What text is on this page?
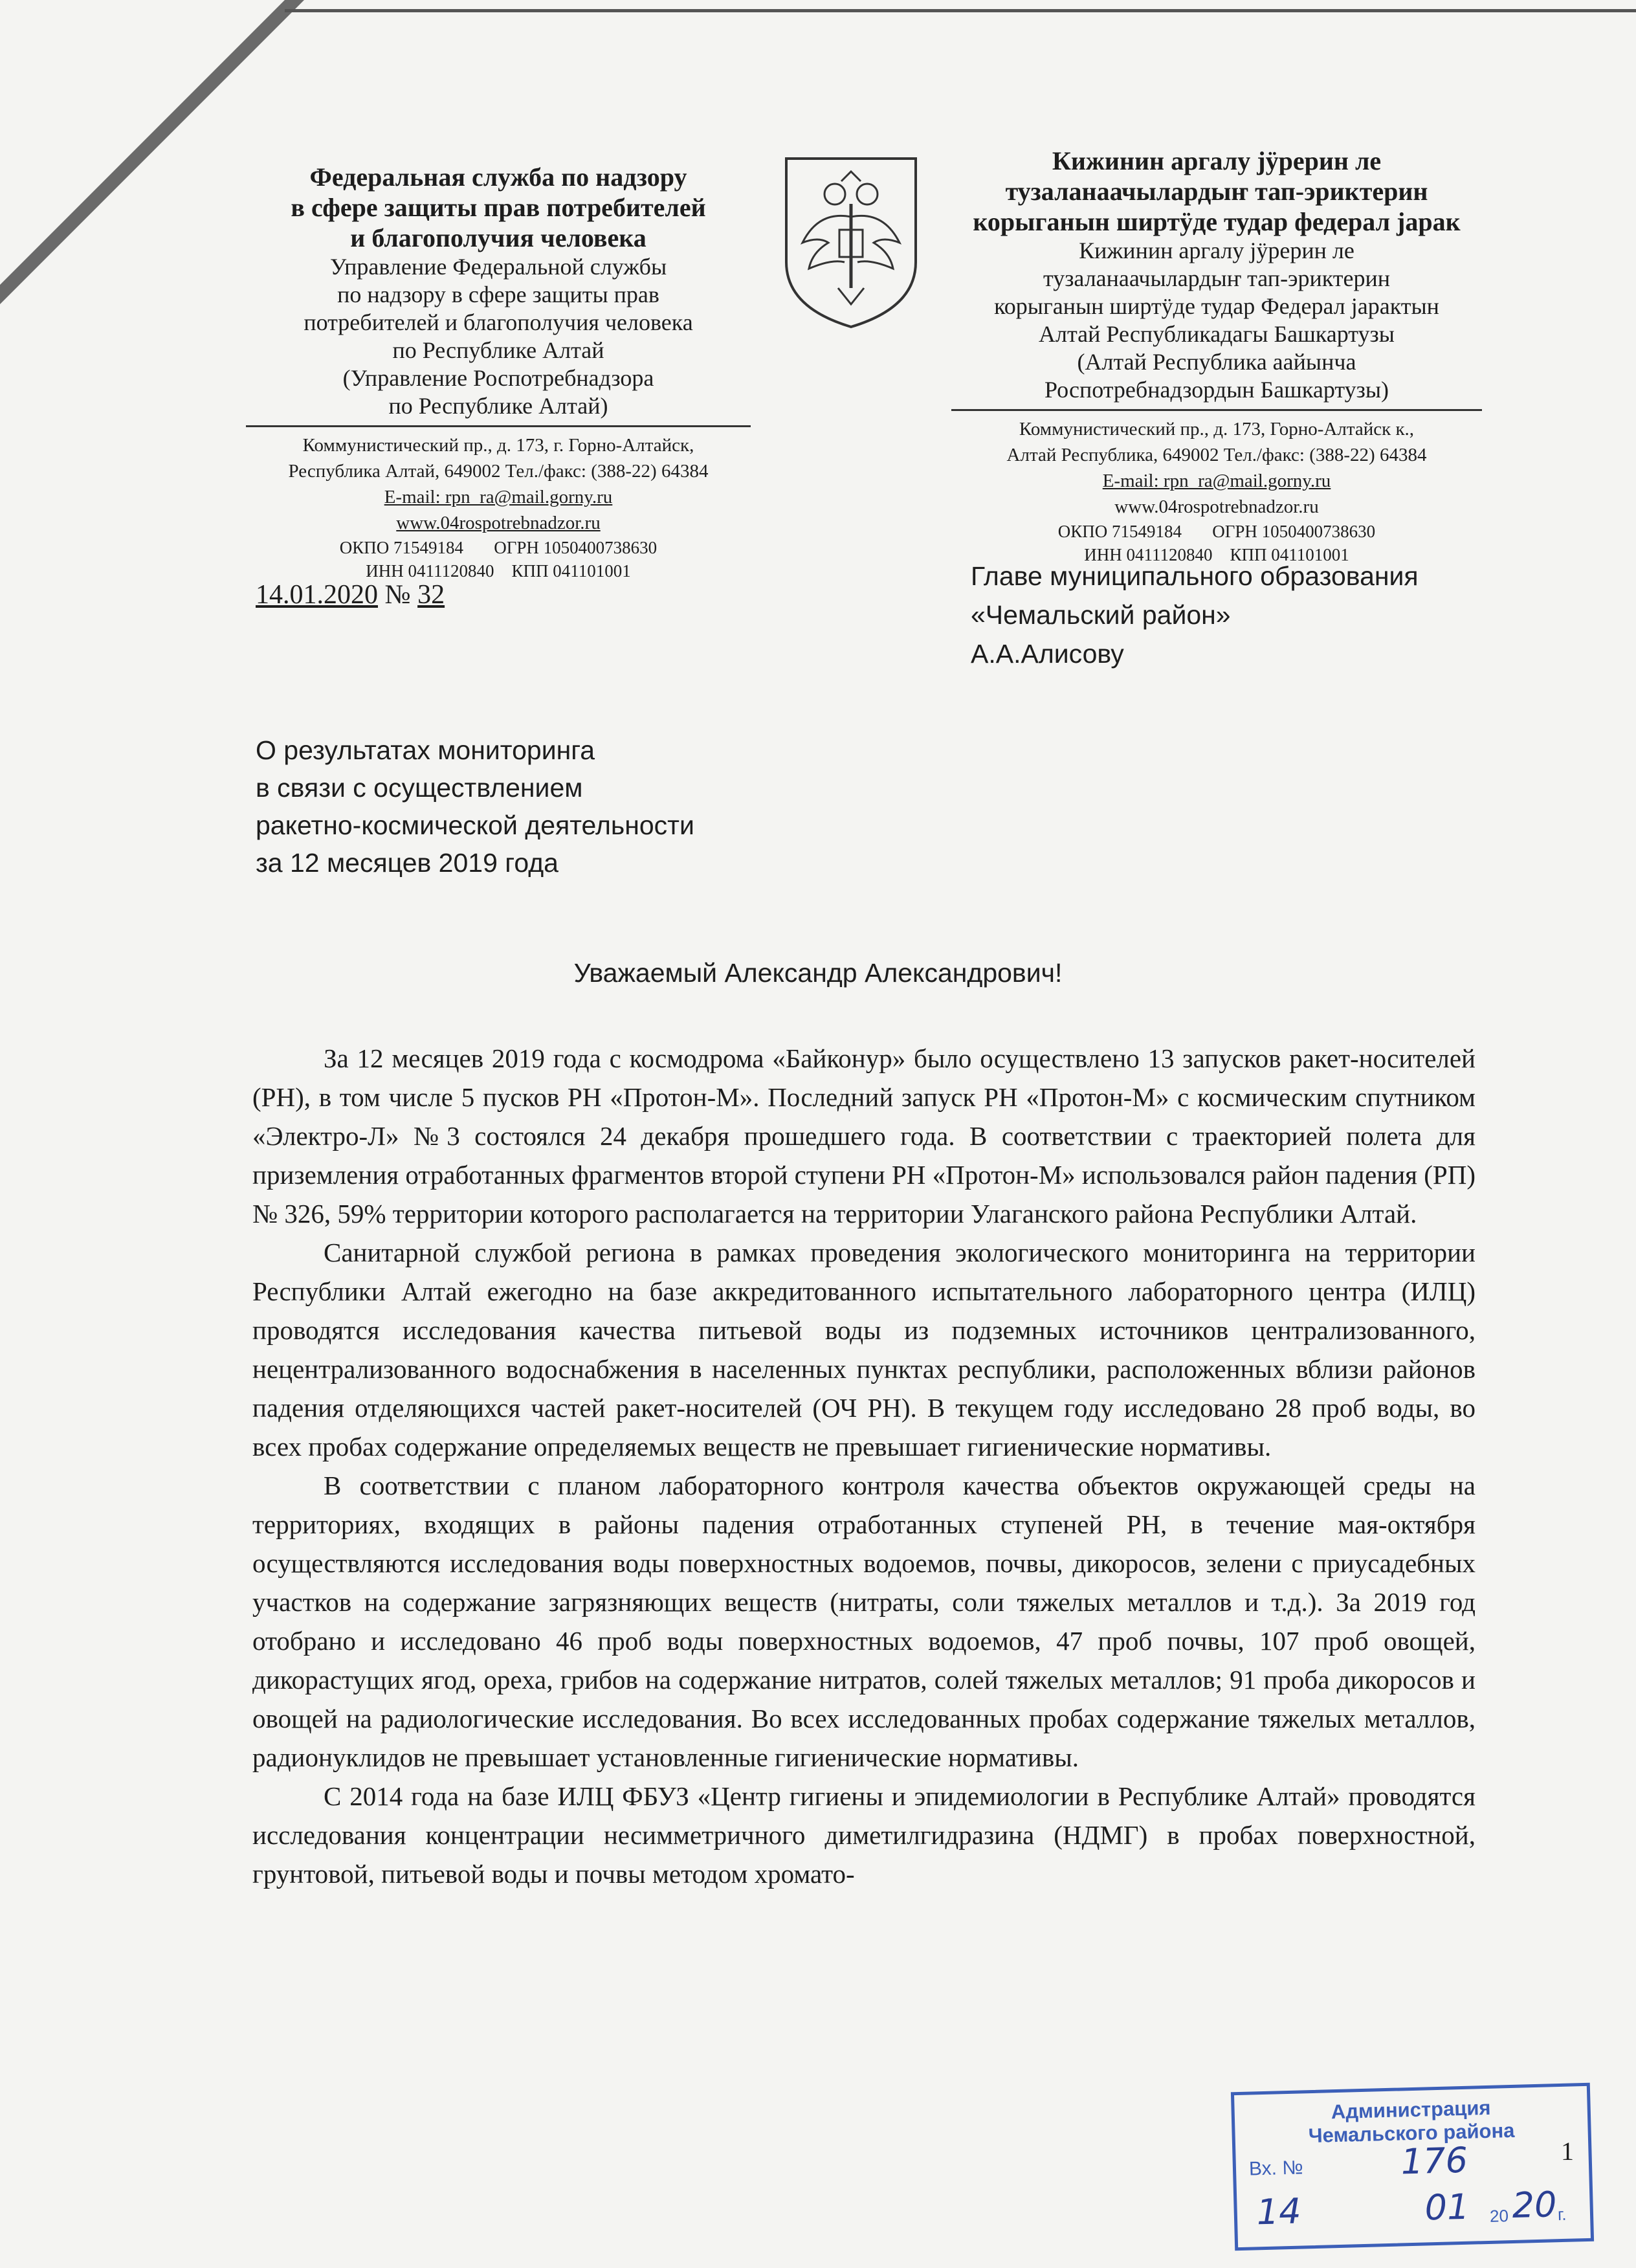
Федеральная служба по надзору
в сфере защиты прав потребителей
и благополучия человека
Управление Федеральной службы
по надзору в сфере защиты прав
потребителей и благополучия человека
по Республике Алтай
(Управление Роспотребнадзора
по Республике Алтай)
Коммунистический пр., д. 173, г. Горно-Алтайск,
Республика Алтай, 649002 Тел./факс: (388-22) 64384
E-mail: rpn_ra@mail.gorny.ru
www.04rospotrebnadzor.ru
ОКПО 71549184       ОГРН 1050400738630
ИНН 0411120840    КПП 041101001
Кижинин аргалу јӱрерин ле
тузаланаачылардыҥ тап-эриктерин
корыганын ширтӱде тудар федерал јарак
Кижинин аргалу јӱрерин ле
тузаланаачылардыҥ тап-эриктерин
корыганын ширтӱде тудар Федерал јарактын
Алтай Республикадагы Башкартузы
(Алтай Республика аайынча
Роспотребнадзордын Башкартузы)
Коммунистический пр., д. 173, Горно-Алтайск к.,
Алтай Республика, 649002 Тел./факс: (388-22) 64384
E-mail: rpn_ra@mail.gorny.ru
www.04rospotrebnadzor.ru
ОКПО 71549184       ОГРН 1050400738630
ИНН 0411120840    КПП 041101001
14.01.2020 № 32
Главе муниципального образования
«Чемальский район»
А.А.Алисову
О результатах мониторинга
в связи с осуществлением
ракетно-космической деятельности
за 12 месяцев 2019 года
Уважаемый Александр Александрович!

За 12 месяцев 2019 года с космодрома «Байконур» было осуществлено 13 запусков ракет-носителей (РН), в том числе 5 пусков РН «Протон-М». Последний запуск РН «Протон-М» с космическим спутником «Электро-Л» №3 состоялся 24 декабря прошедшего года. В соответствии с траекторией полета для приземления отработанных фрагментов второй ступени РН «Протон-М» использовался район падения (РП) № 326, 59% территории которого располагается на территории Улаганского района Республики Алтай.

Санитарной службой региона в рамках проведения экологического мониторинга на территории Республики Алтай ежегодно на базе аккредитованного испытательного лабораторного центра (ИЛЦ) проводятся исследования качества питьевой воды из подземных источников централизованного, нецентрализованного водоснабжения в населенных пунктах республики, расположенных вблизи районов падения отделяющихся частей ракет-носителей (ОЧ РН). В текущем году исследовано 28 проб воды, во всех пробах содержание определяемых веществ не превышает гигиенические нормативы.

В соответствии с планом лабораторного контроля качества объектов окружающей среды на территориях, входящих в районы падения отработанных ступеней РН, в течение мая-октября осуществляются исследования воды поверхностных водоемов, почвы, дикоросов, зелени с приусадебных участков на содержание загрязняющих веществ (нитраты, соли тяжелых металлов и т.д.). За 2019 год отобрано и исследовано 46 проб воды поверхностных водоемов, 47 проб почвы, 107 проб овощей, дикорастущих ягод, ореха, грибов на содержание нитратов, солей тяжелых металлов; 91 проба дикоросов и овощей на радиологические исследования. Во всех исследованных пробах содержание тяжелых металлов, радионуклидов не превышает установленные гигиенические нормативы.

С 2014 года на базе ИЛЦ ФБУЗ «Центр гигиены и эпидемиологии в Республике Алтай» проводятся исследования концентрации несимметричного диметилгидразина (НДМГ) в пробах поверхностной, грунтовой, питьевой воды и почвы методом хромато-

Администрация
Чемальского района
Вх. №	176
14	01 20 20 г.
1
